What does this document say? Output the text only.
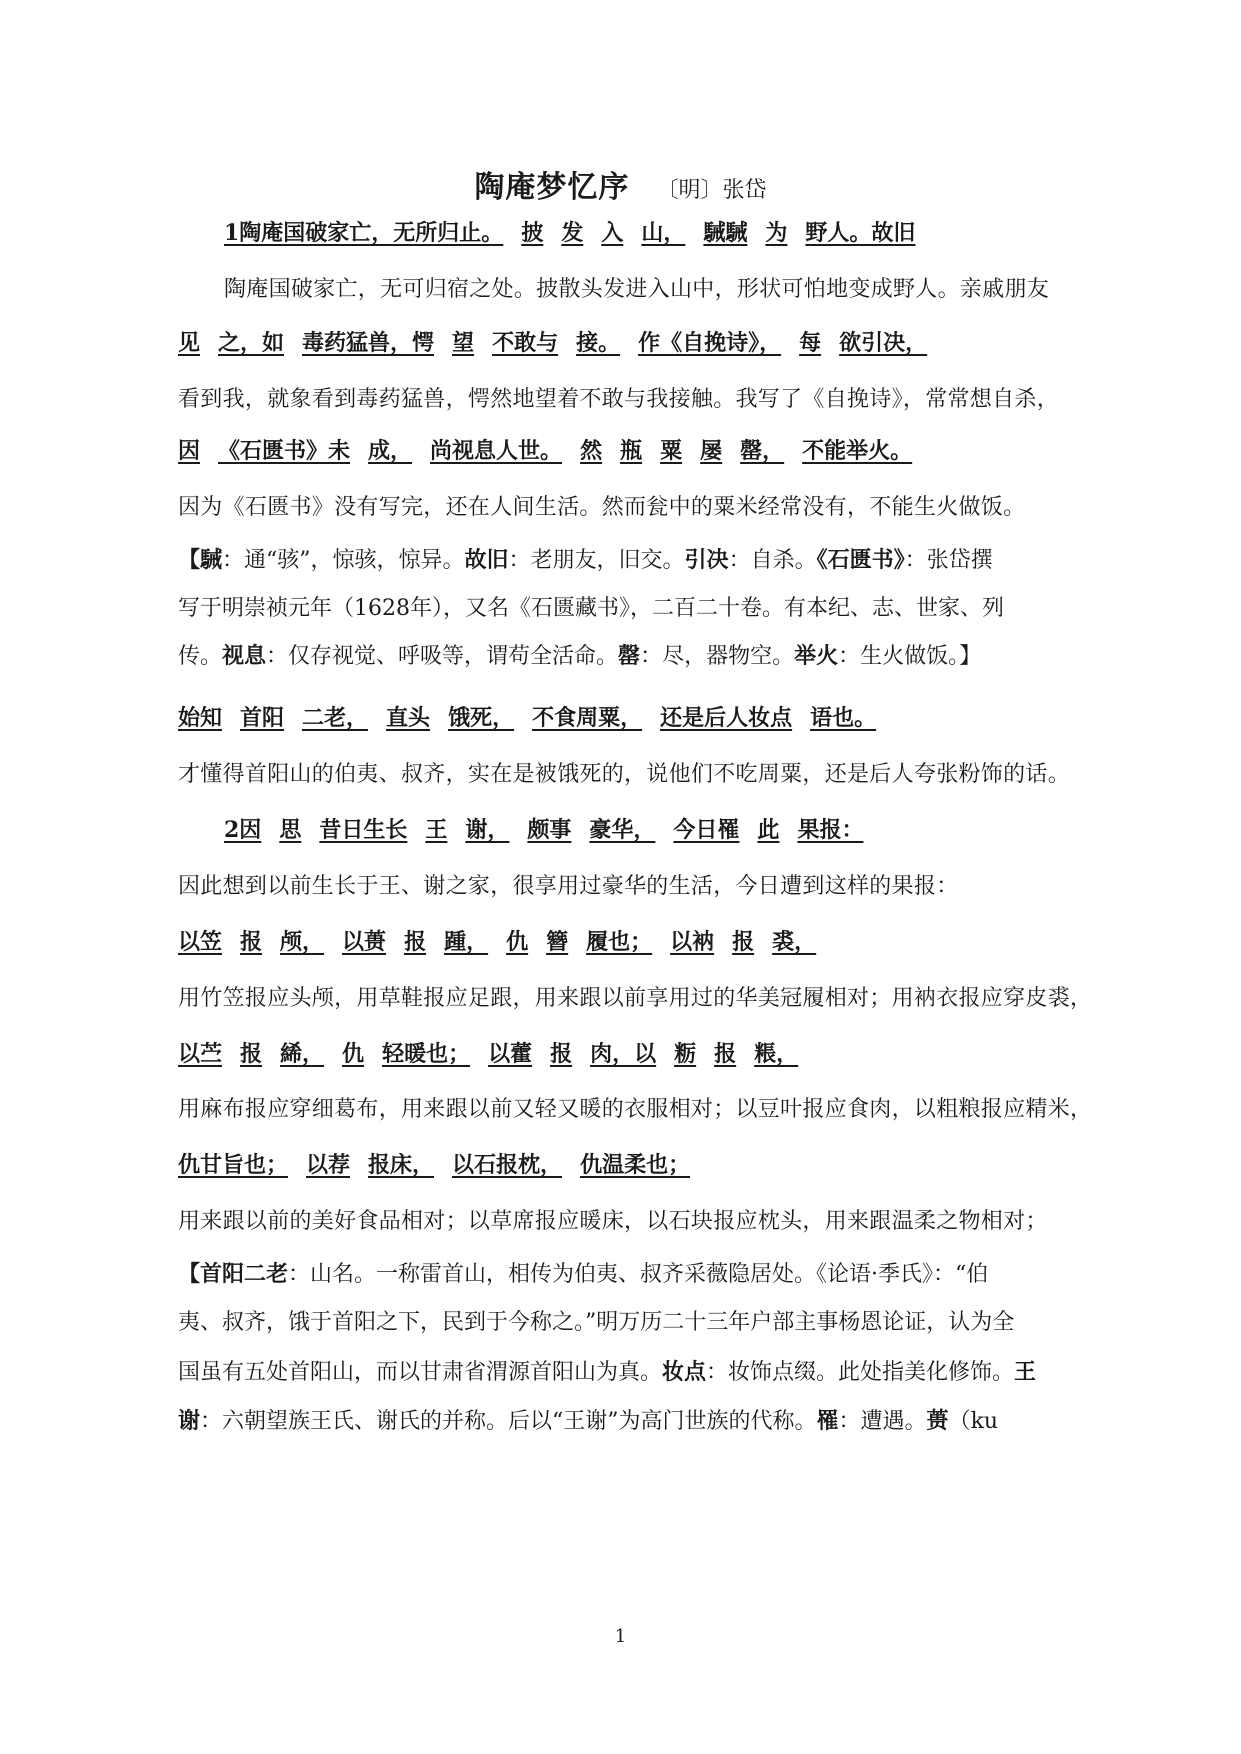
陶庵梦忆序 〔明〕张岱
1陶庵国破家亡，无所归止。 披 发 入 山， 駴駴 为 野人。故旧
陶庵国破家亡，无可归宿之处。披散头发进入山中，形状可怕地变成野人。亲戚朋友
见 之，如 毒药猛兽，愕 望 不敢与 接。 作《自挽诗》， 每 欲引决，
看到我，就象看到毒药猛兽，愕然地望着不敢与我接触。我写了《自挽诗》，常常想自杀，
因 《石匮书》未 成， 尚视息人世。 然 瓶 粟 屡 罄， 不能举火。
因为《石匮书》没有写完，还在人间生活。然而瓮中的粟米经常没有，不能生火做饭。
【駴：通“骇”，惊骇，惊异。故旧：老朋友，旧交。引决：自杀。《石匮书》：张岱撰
写于明崇祯元年（1628年），又名《石匮藏书》，二百二十卷。有本纪、志、世家、列
传。视息：仅存视觉、呼吸等，谓苟全活命。罄：尽，器物空。举火：生火做饭。】
始知 首阳 二老， 直头 饿死， 不食周粟， 还是后人妆点 语也。
才懂得首阳山的伯夷、叔齐，实在是被饿死的，说他们不吃周粟，还是后人夸张粉饰的话。
2因 思 昔日生长 王 谢， 颇事 豪华， 今日罹 此 果报：
因此想到以前生长于王、谢之家，很享用过豪华的生活，今日遭到这样的果报：
以笠 报 颅， 以蒉 报 踵， 仇 簪 履也； 以衲 报 裘，
用竹笠报应头颅，用草鞋报应足跟，用来跟以前享用过的华美冠履相对；用衲衣报应穿皮裘，
以苎 报 絺， 仇 轻暖也； 以藿 报 肉，以 粝 报 粻，
用麻布报应穿细葛布，用来跟以前又轻又暖的衣服相对；以豆叶报应食肉，以粗粮报应精米，
仇甘旨也； 以荐 报床， 以石报枕， 仇温柔也；
用来跟以前的美好食品相对；以草席报应暖床，以石块报应枕头，用来跟温柔之物相对；
【首阳二老：山名。一称雷首山，相传为伯夷、叔齐采薇隐居处。《论语·季氏》：“伯
夷、叔齐，饿于首阳之下，民到于今称之。”明万历二十三年户部主事杨恩论证，认为全
国虽有五处首阳山，而以甘肃省渭源首阳山为真。妆点：妆饰点缀。此处指美化修饰。王
谢：六朝望族王氏、谢氏的并称。后以“王谢”为高门世族的代称。罹：遭遇。蒉（ku
1
